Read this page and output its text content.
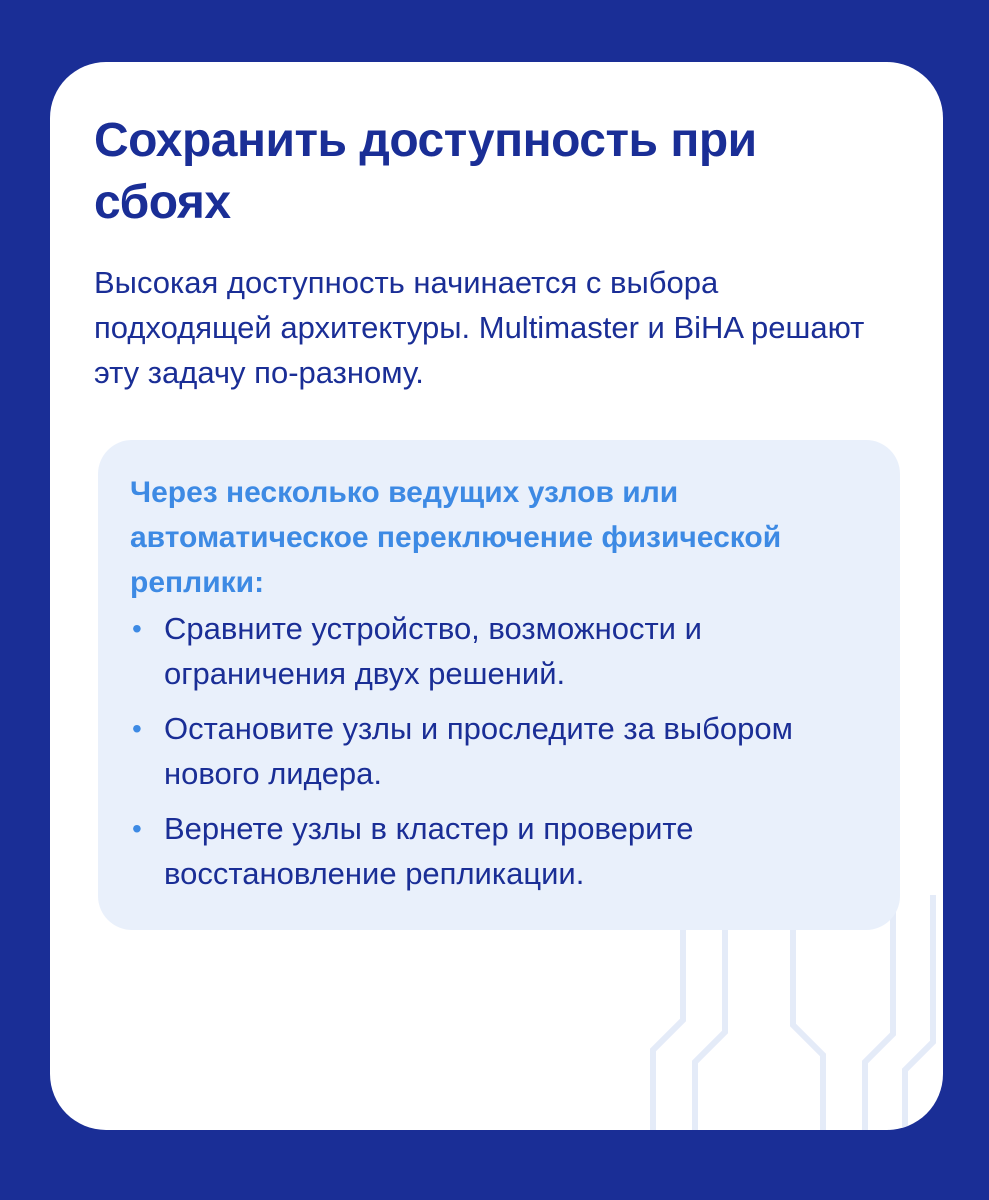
Сохранить доступность при сбоях

Высокая доступность начинается с выбора подходящей архитектуры. Multimaster и BiHA решают эту задачу по-разному.

Через несколько ведущих узлов или автоматическое переключение физической реплики:

• Сравните устройство, возможности и ограничения двух решений.
• Остановите узлы и проследите за выбором нового лидера.
• Вернете узлы в кластер и проверите восстановление репликации.
